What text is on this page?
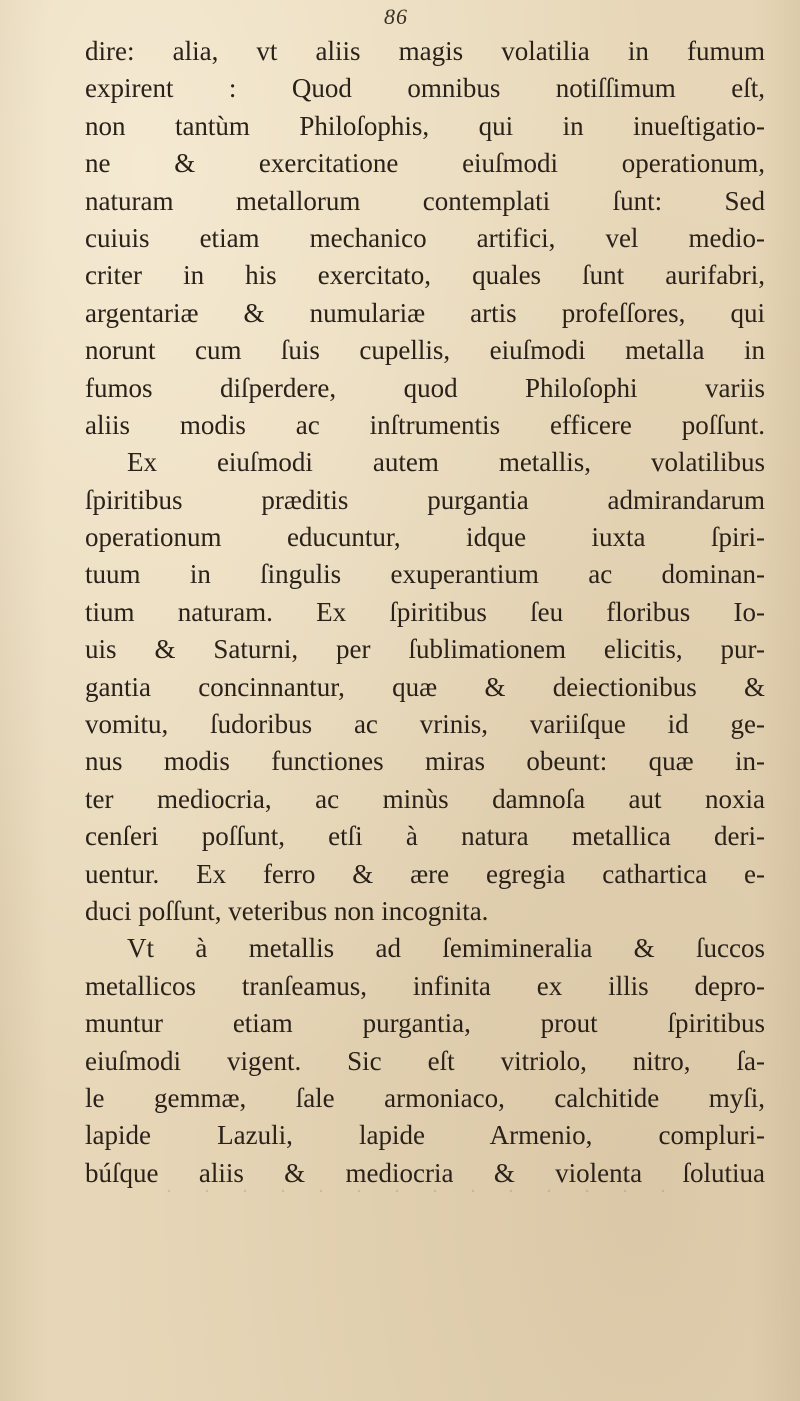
86
dire: alia, vt aliis magis volatilia in fumum
expirent : Quod omnibus notiſſimum eſt,
non tantùm Philoſophis, qui in inueſtigatio-
ne & exercitatione eiuſmodi operationum,
naturam metallorum contemplati ſunt: Sed
cuiuis etiam mechanico artifici, vel medio-
criter in his exercitato, quales ſunt aurifabri,
argentariæ & numulariæ artis profeſſores, qui
norunt cum ſuis cupellis, eiuſmodi metalla in
fumos diſperdere, quod Philoſophi variis
aliis modis ac inſtrumentis efficere poſſunt.
Ex eiuſmodi autem metallis, volatilibus
ſpiritibus præditis purgantia admirandarum
operationum educuntur, idque iuxta ſpiri-
tuum in ſingulis exuperantium ac dominan-
tium naturam. Ex ſpiritibus ſeu floribus Io-
uis & Saturni, per ſublimationem elicitis, pur-
gantia concinnantur, quæ & deiectionibus &
vomitu, ſudoribus ac vrinis, variiſque id ge-
nus modis functiones miras obeunt: quæ in-
ter mediocria, ac minùs damnoſa aut noxia
cenſeri poſſunt, etſi à natura metallica deri-
uentur. Ex ferro & ære egregia cathartica e-
duci poſſunt, veteribus non incognita.
Vt à metallis ad ſemimineralia & ſuccos
metallicos tranſeamus, infinita ex illis depro-
muntur etiam purgantia, prout ſpiritibus
eiuſmodi vigent. Sic eſt vitriolo, nitro, ſa-
le gemmæ, ſale armoniaco, calchitide myſi,
lapide Lazuli, lapide Armenio, compluri-
búſque aliis & mediocria & violenta ſolutiua
